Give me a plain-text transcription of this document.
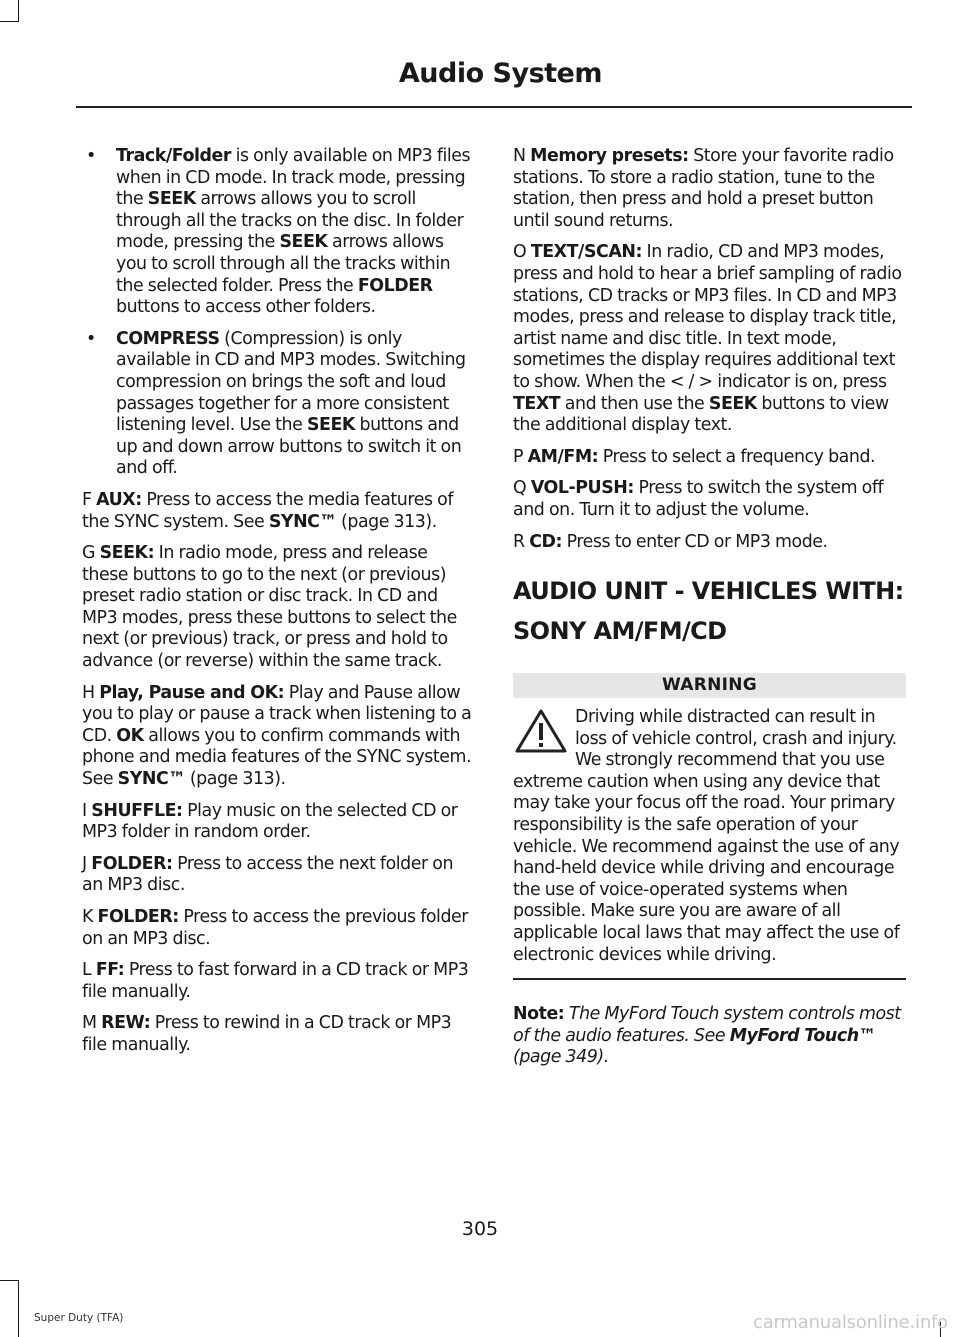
Audio System
• Track/Folder is only available on MP3 files when in CD mode. In track mode, pressing the SEEK arrows allows you to scroll through all the tracks on the disc. In folder mode, pressing the SEEK arrows allows you to scroll through all the tracks within the selected folder. Press the FOLDER buttons to access other folders.
• COMPRESS (Compression) is only available in CD and MP3 modes. Switching compression on brings the soft and loud passages together for a more consistent listening level. Use the SEEK buttons and up and down arrow buttons to switch it on and off.

F AUX: Press to access the media features of the SYNC system. See SYNC™ (page 313).

G SEEK: In radio mode, press and release these buttons to go to the next (or previous) preset radio station or disc track. In CD and MP3 modes, press these buttons to select the next (or previous) track, or press and hold to advance (or reverse) within the same track.

H Play, Pause and OK: Play and Pause allow you to play or pause a track when listening to a CD. OK allows you to confirm commands with phone and media features of the SYNC system. See SYNC™ (page 313).

I SHUFFLE: Play music on the selected CD or MP3 folder in random order.

J FOLDER: Press to access the next folder on an MP3 disc.

K FOLDER: Press to access the previous folder on an MP3 disc.

L FF: Press to fast forward in a CD track or MP3 file manually.

M REW: Press to rewind in a CD track or MP3 file manually.

N Memory presets: Store your favorite radio stations. To store a radio station, tune to the station, then press and hold a preset button until sound returns.

O TEXT/SCAN: In radio, CD and MP3 modes, press and hold to hear a brief sampling of radio stations, CD tracks or MP3 files. In CD and MP3 modes, press and release to display track title, artist name and disc title. In text mode, sometimes the display requires additional text to show. When the < / > indicator is on, press TEXT and then use the SEEK buttons to view the additional display text.

P AM/FM: Press to select a frequency band.

Q VOL-PUSH: Press to switch the system off and on. Turn it to adjust the volume.

R CD: Press to enter CD or MP3 mode.

AUDIO UNIT - VEHICLES WITH:
SONY AM/FM/CD
WARNING

Driving while distracted can result in loss of vehicle control, crash and injury. We strongly recommend that you use extreme caution when using any device that may take your focus off the road. Your primary responsibility is the safe operation of your vehicle. We recommend against the use of any hand-held device while driving and encourage the use of voice-operated systems when possible. Make sure you are aware of all applicable local laws that may affect the use of electronic devices while driving.

Note: The MyFord Touch system controls most of the audio features. See MyFord Touch™ (page 349).

305
Super Duty (TFA)	carmanualsonline.info
